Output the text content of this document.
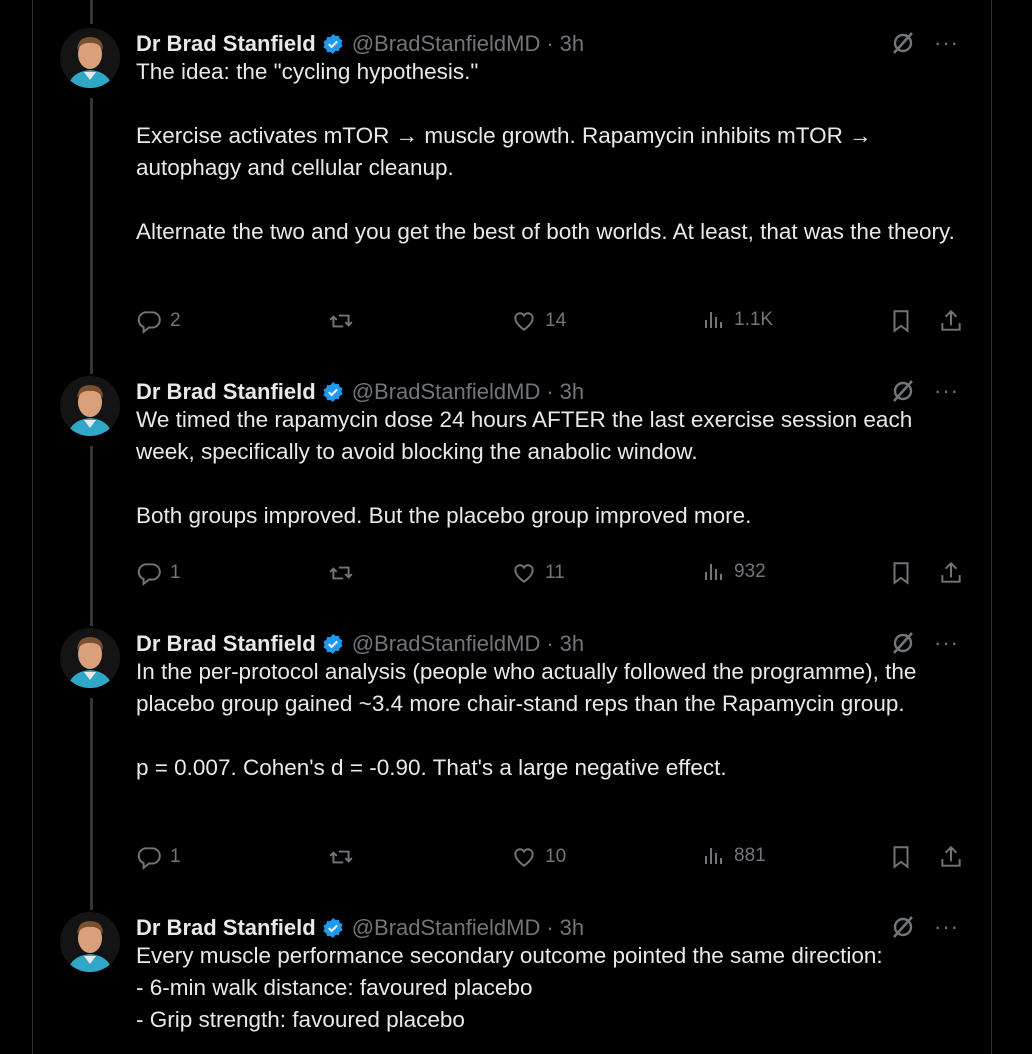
Dr Brad Stanfield @BradStanfieldMD · 3h	···
The idea: the "cycling hypothesis."

Exercise activates mTOR → muscle growth. Rapamycin inhibits mTOR → autophagy and cellular cleanup.

Alternate the two and you get the best of both worlds. At least, that was the theory.
2	14	1.1K
Dr Brad Stanfield @BradStanfieldMD · 3h	···
We timed the rapamycin dose 24 hours AFTER the last exercise session each week, specifically to avoid blocking the anabolic window.

Both groups improved. But the placebo group improved more.
1	11	932
Dr Brad Stanfield @BradStanfieldMD · 3h	···
In the per-protocol analysis (people who actually followed the programme), the placebo group gained ~3.4 more chair-stand reps than the Rapamycin group.

p = 0.007. Cohen's d = -0.90. That's a large negative effect.
1	10	881
Dr Brad Stanfield @BradStanfieldMD · 3h	···
Every muscle performance secondary outcome pointed the same direction:
- 6-min walk distance: favoured placebo
- Grip strength: favoured placebo
